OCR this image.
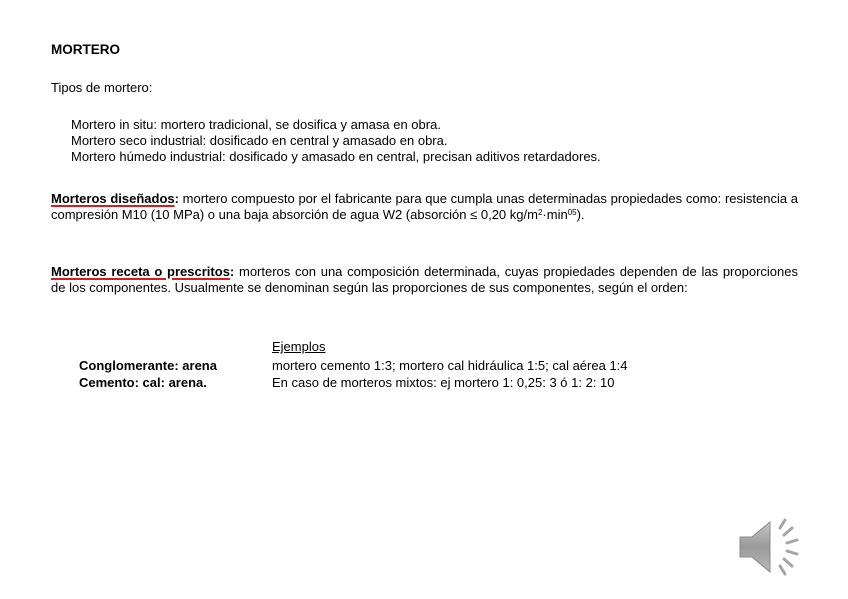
MORTERO
Tipos de mortero:
Mortero in situ: mortero tradicional, se dosifica y amasa en obra.
Mortero seco industrial: dosificado en central y amasado en obra.
Mortero húmedo industrial: dosificado y amasado en central, precisan aditivos retardadores.
Morteros diseñados: mortero compuesto por el fabricante para que cumpla unas determinadas propiedades como: resistencia a compresión M10 (10 MPa) o una baja absorción de agua W2 (absorción ≤ 0,20 $kg/m^2\cdot\min^{05}$).
Morteros receta o prescritos: morteros con una composición determinada, cuyas propiedades dependen de las proporciones de los componentes. Usualmente se denominan según las proporciones de sus componentes, según el orden:
Ejemplos
Conglomerante: arena
Cemento: cal: arena.
mortero cemento 1:3; mortero cal hidráulica 1:5; cal aérea 1:4
En caso de morteros mixtos: ej mortero 1: 0,25: 3 ó 1: 2: 10
